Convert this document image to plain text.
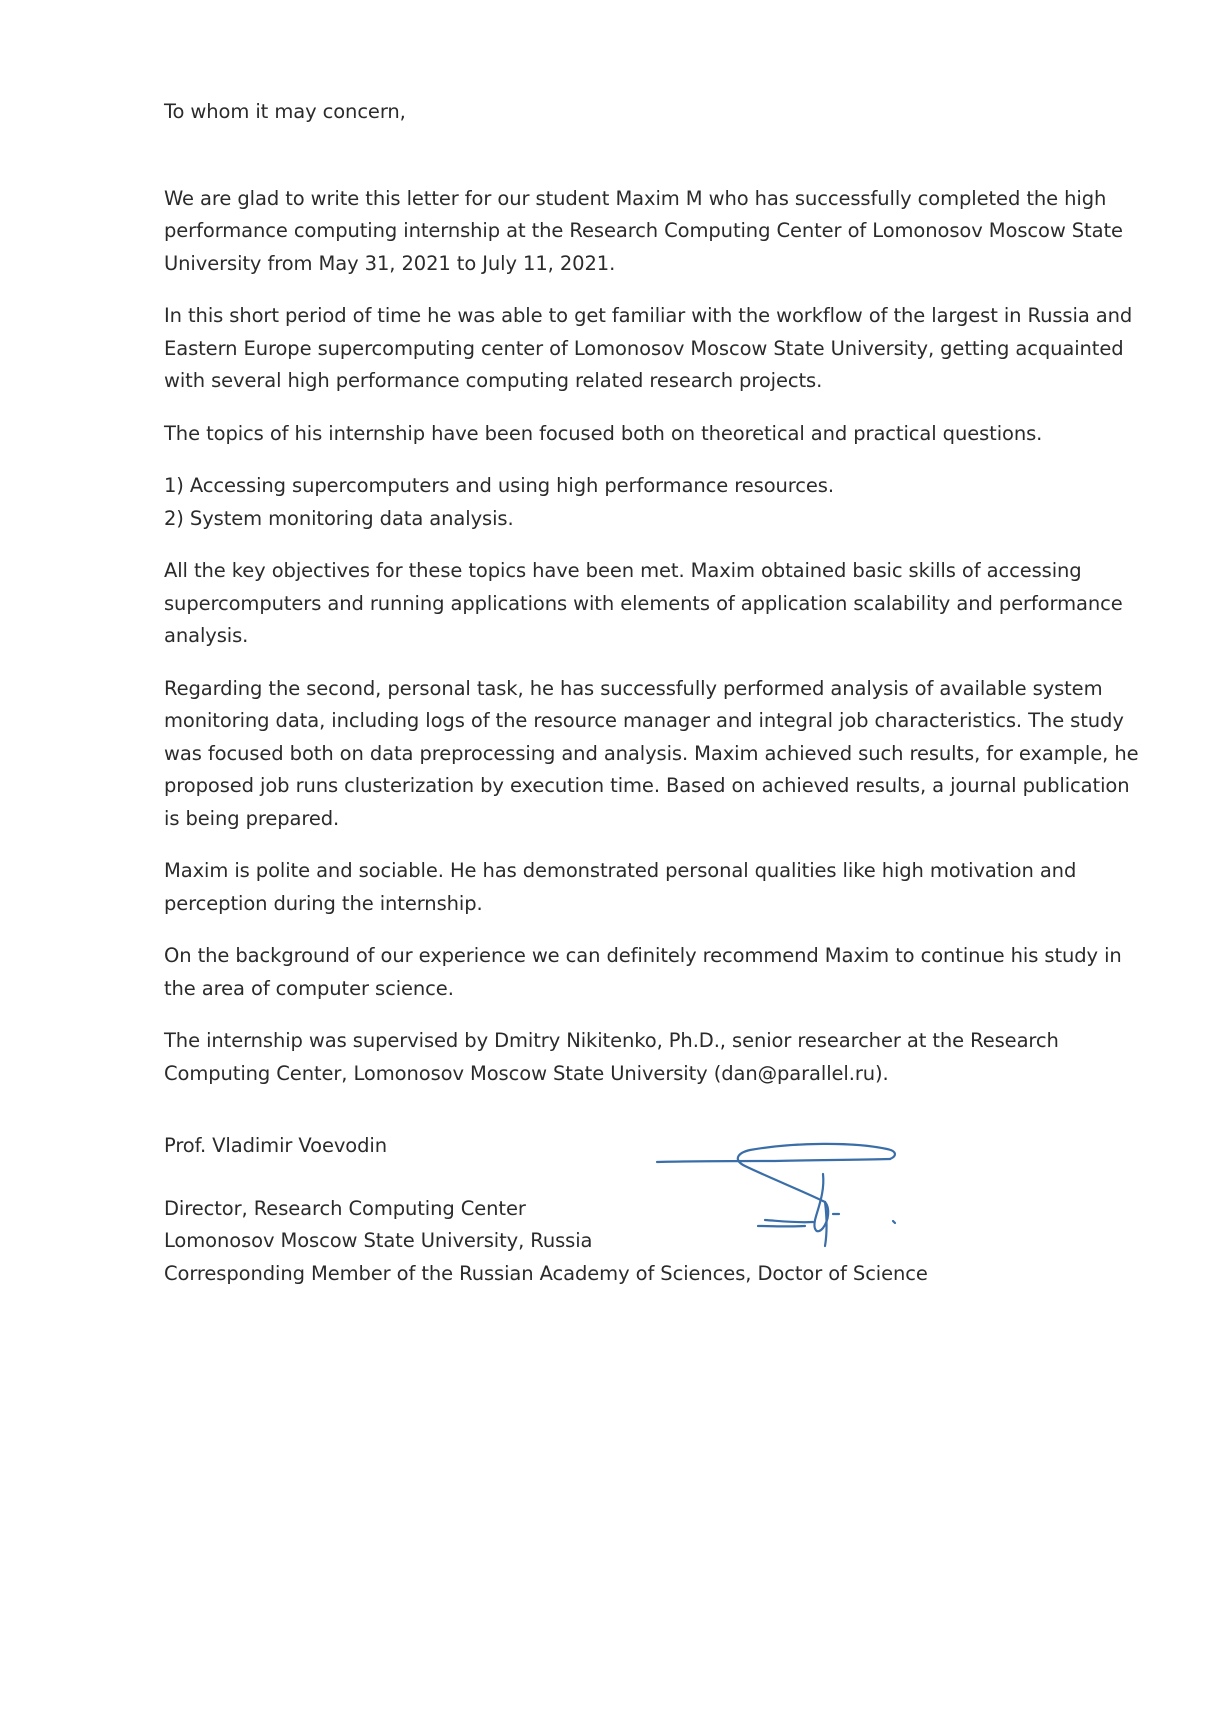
To whom it may concern,

We are glad to write this letter for our student Maxim M who has successfully completed the high performance computing internship at the Research Computing Center of Lomonosov Moscow State University from May 31, 2021 to July 11, 2021.

In this short period of time he was able to get familiar with the workflow of the largest in Russia and Eastern Europe supercomputing center of Lomonosov Moscow State University, getting acquainted with several high performance computing related research projects.

The topics of his internship have been focused both on theoretical and practical questions.

1) Accessing supercomputers and using high performance resources.
2) System monitoring data analysis.

All the key objectives for these topics have been met. Maxim obtained basic skills of accessing supercomputers and running applications with elements of application scalability and performance analysis.

Regarding the second, personal task, he has successfully performed analysis of available system monitoring data, including logs of the resource manager and integral job characteristics. The study was focused both on data preprocessing and analysis. Maxim achieved such results, for example, he proposed job runs clusterization by execution time. Based on achieved results, a journal publication is being prepared.

Maxim is polite and sociable. He has demonstrated personal qualities like high motivation and perception during the internship.

On the background of our experience we can definitely recommend Maxim to continue his study in the area of computer science.

The internship was supervised by Dmitry Nikitenko, Ph.D., senior researcher at the Research Computing Center, Lomonosov Moscow State University (dan@parallel.ru).

Prof. Vladimir Voevodin

Director, Research Computing Center
Lomonosov Moscow State University, Russia
Corresponding Member of the Russian Academy of Sciences, Doctor of Science
